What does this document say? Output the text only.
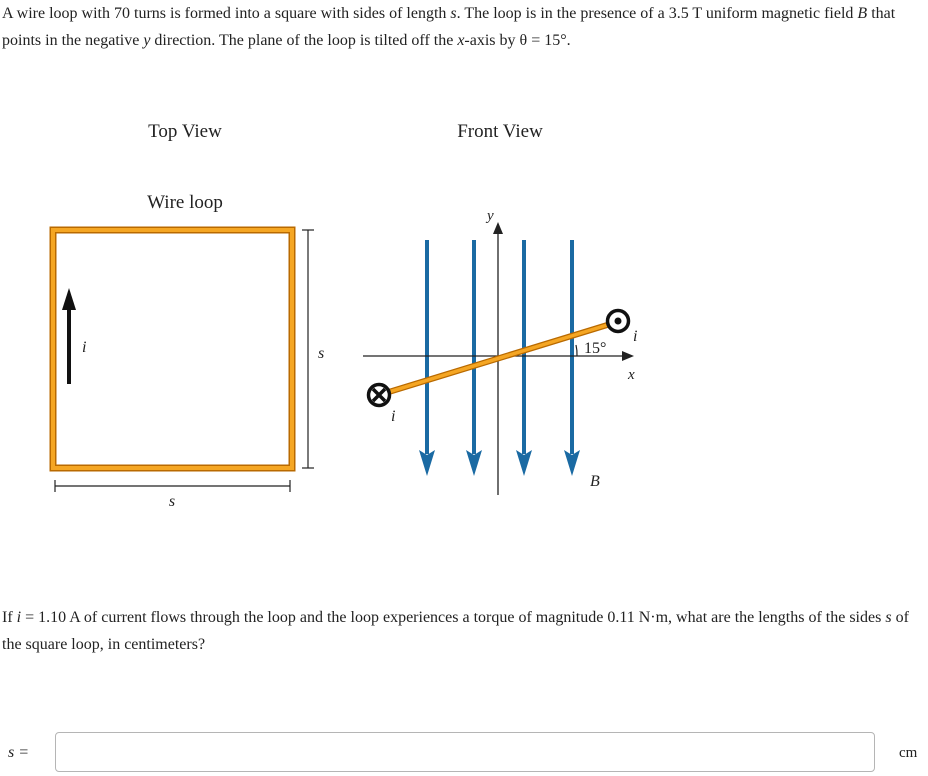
A wire loop with 70 turns is formed into a square with sides of length s. The loop is in the presence of a 3.5 T uniform magnetic field
B that points in the negative y direction. The plane of the loop is tilted off the x-axis by θ = 15°.
Top View	Front View
Wire loop
i	s
s
B
y
x
15°
i
i
If i = 1.10 A of current flows through the loop and the loop experiences a torque of magnitude 0.11 N·m, what are the lengths of the sides s of the square loop, in centimeters?
s =	cm
